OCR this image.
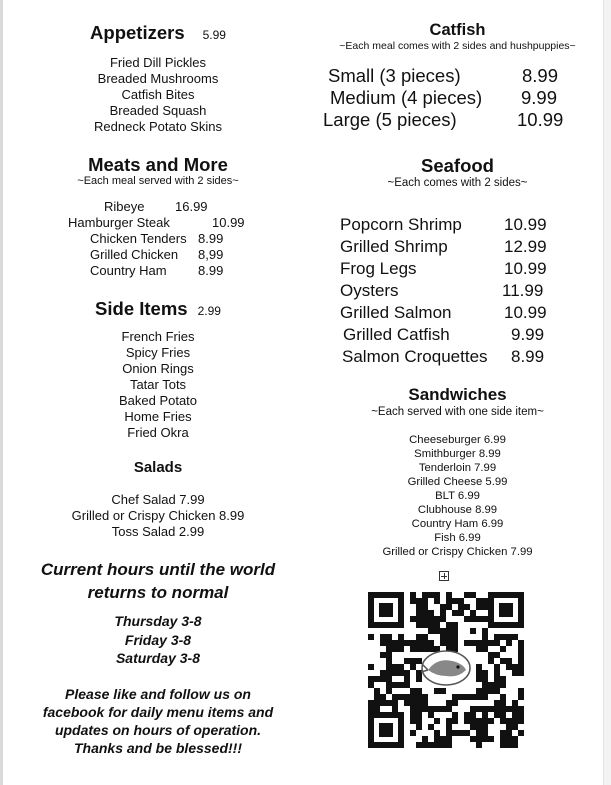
Appetizers 5.99
Fried Dill Pickles
Breaded Mushrooms
Catfish Bites
Breaded Squash
Redneck Potato Skins
Meats and More
~Each meal served with 2 sides~
Ribeye 16.99
Hamburger Steak	10.99
Chicken Tenders 8.99
Grilled Chicken 8,99
Country Ham 8.99
Side Items 2.99
French Fries
Spicy Fries
Onion Rings
Tatar Tots
Baked Potato
Home Fries
Fried Okra
Salads
Chef Salad 7.99
Grilled or Crispy Chicken 8.99
Toss Salad 2.99
Current hours until the world
returns to normal
Thursday 3-8
Friday 3-8
Saturday 3-8
Please like and follow us on
facebook for daily menu items and
updates on hours of operation.
Thanks and be blessed!!!
Catfish
~Each meal comes with 2 sides and hushpuppies~
Small (3 pieces)	8.99
Medium (4 pieces) 9.99
Large (5 pieces)	10.99
Seafood
~Each comes with 2 sides~
Popcorn Shrimp 10.99
Grilled Shrimp	12.99
Frog Legs	10.99
Oysters	11.99
Grilled Salmon	10.99
Grilled Catfish	9.99
Salmon Croquettes 8.99
Sandwiches
~Each served with one side item~
Cheeseburger 6.99
Smithburger 8.99
Tenderloin 7.99
Grilled Cheese 5.99
BLT 6.99
Clubhouse 8.99
Country Ham 6.99
Fish 6.99
Grilled or Crispy Chicken 7.99
